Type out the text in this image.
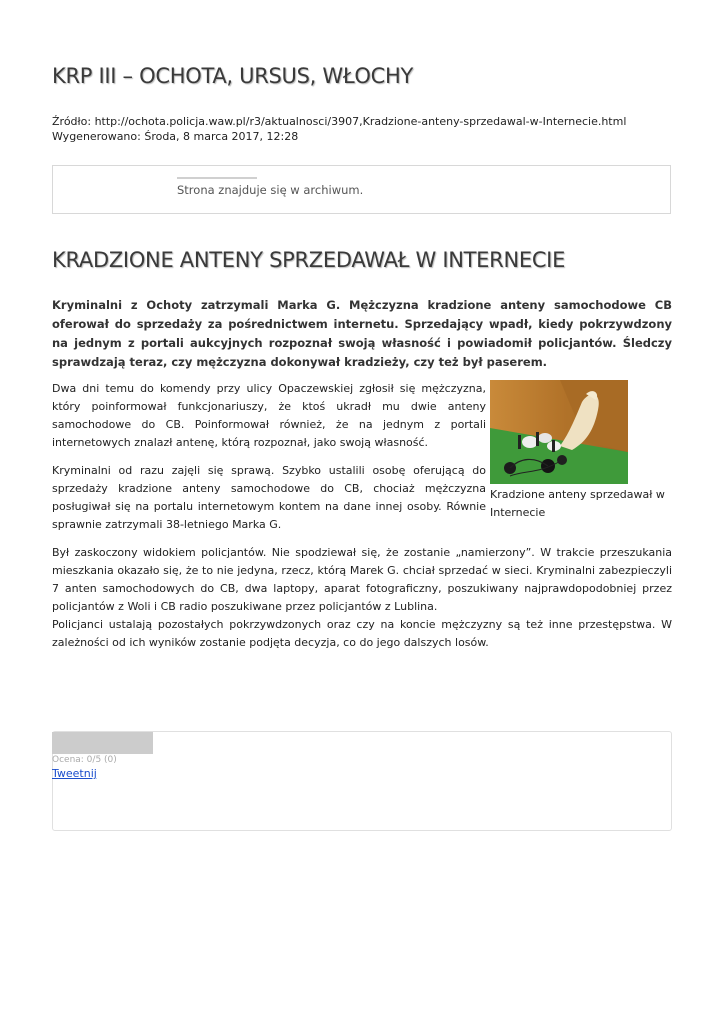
KRP III – OCHOTA, URSUS, WŁOCHY
Źródło: http://ochota.policja.waw.pl/r3/aktualnosci/3907,Kradzione-anteny-sprzedawal-w-Internecie.html
Wygenerowano: Środa, 8 marca 2017, 12:28
Strona znajduje się w archiwum.
KRADZIONE ANTENY SPRZEDAWAŁ W INTERNECIE

Kryminalni z Ochoty zatrzymali Marka G. Mężczyzna kradzione anteny samochodowe CB oferował do sprzedaży za pośrednictwem internetu. Sprzedający wpadł, kiedy pokrzywdzony na jednym z portali aukcyjnych rozpoznał swoją własność i powiadomił policjantów. Śledczy sprawdzają teraz, czy mężczyzna dokonywał kradzieży, czy też był paserem.

Dwa dni temu do komendy przy ulicy Opaczewskiej zgłosił się mężczyzna, który poinformował funkcjonariuszy, że ktoś ukradł mu dwie anteny samochodowe do CB. Poinformował również, że na jednym z portali internetowych znalazł antenę, którą rozpoznał, jako swoją własność.

Kryminalni od razu zajęli się sprawą. Szybko ustalili osobę oferującą do sprzedaży kradzione anteny samochodowe do CB, chociaż mężczyzna posługiwał się na portalu internetowym kontem na dane innej osoby. Równie sprawnie zatrzymali 38-letniego Marka G.

Kradzione anteny sprzedawał w Internecie

Był zaskoczony widokiem policjantów. Nie spodziewał się, że zostanie „namierzony”. W trakcie przeszukania mieszkania okazało się, że to nie jedyna, rzecz, którą Marek G. chciał sprzedać w sieci. Kryminalni zabezpieczyli 7 anten samochodowych do CB, dwa laptopy, aparat fotograficzny, poszukiwany najprawdopodobniej przez policjantów z Woli i CB radio poszukiwane przez policjantów z Lublina.

Policjanci ustalają pozostałych pokrzywdzonych oraz czy na koncie mężczyzny są też inne przestępstwa. W zależności od ich wyników zostanie podjęta decyzja, co do jego dalszych losów.

Ocena: 0/5 (0)
Tweetnij
